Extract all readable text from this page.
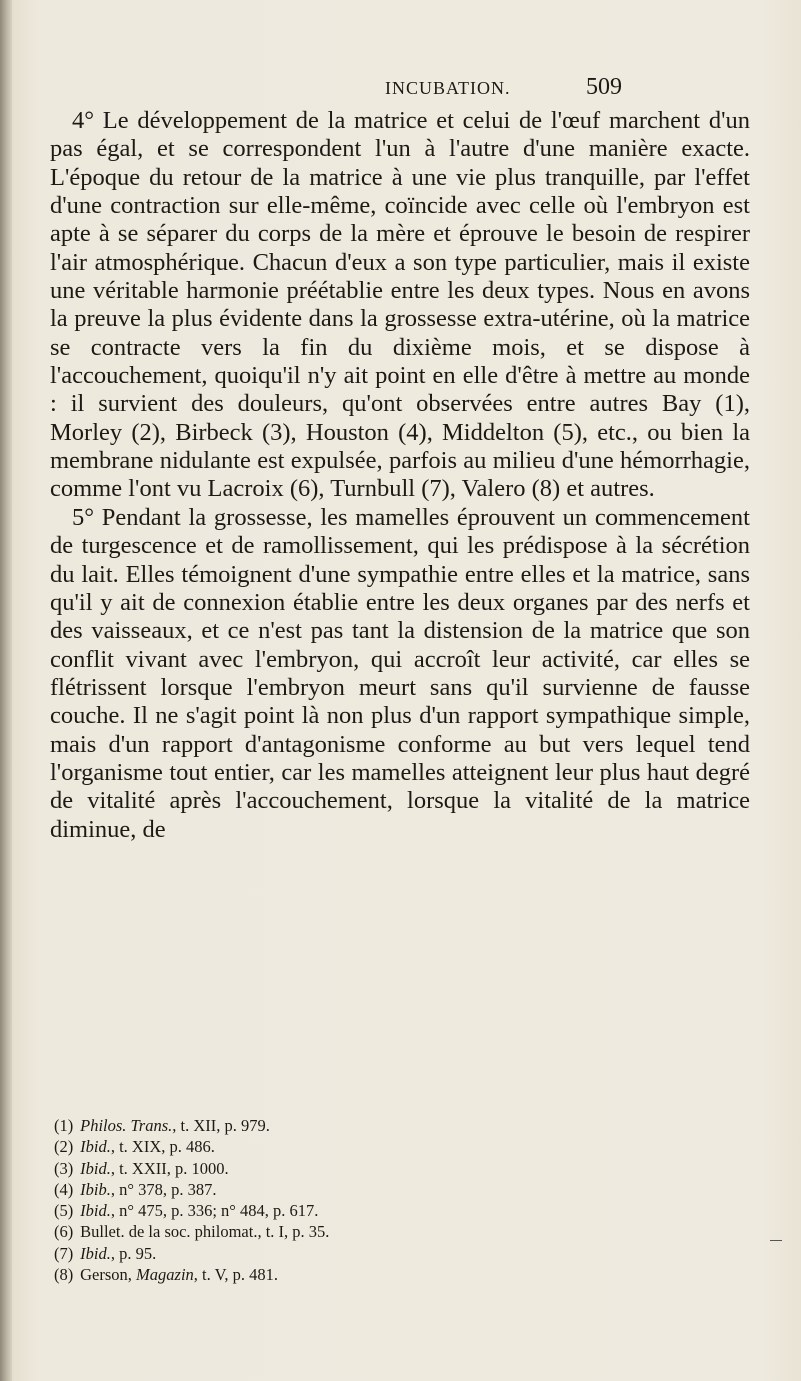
INCUBATION.	509

4° Le développement de la matrice et celui de l'œuf marchent d'un pas égal, et se correspondent l'un à l'autre d'une manière exacte. L'époque du retour de la matrice à une vie plus tranquille, par l'effet d'une contraction sur elle-même, coïncide avec celle où l'embryon est apte à se séparer du corps de la mère et éprouve le besoin de respirer l'air atmosphérique. Chacun d'eux a son type particulier, mais il existe une véritable harmonie préétablie entre les deux types. Nous en avons la preuve la plus évidente dans la grossesse extra-utérine, où la matrice se contracte vers la fin du dixième mois, et se dispose à l'accouchement, quoiqu'il n'y ait point en elle d'être à mettre au monde : il survient des douleurs, qu'ont observées entre autres Bay (1), Morley (2), Birbeck (3), Houston (4), Middelton (5), etc., ou bien la membrane nidulante est expulsée, parfois au milieu d'une hémorrhagie, comme l'ont vu Lacroix (6), Turnbull (7), Valero (8) et autres.

5° Pendant la grossesse, les mamelles éprouvent un commencement de turgescence et de ramollissement, qui les prédispose à la sécrétion du lait. Elles témoignent d'une sympathie entre elles et la matrice, sans qu'il y ait de connexion établie entre les deux organes par des nerfs et des vaisseaux, et ce n'est pas tant la distension de la matrice que son conflit vivant avec l'embryon, qui accroît leur activité, car elles se flétrissent lorsque l'embryon meurt sans qu'il survienne de fausse couche. Il ne s'agit point là non plus d'un rapport sympathique simple, mais d'un rapport d'antagonisme conforme au but vers lequel tend l'organisme tout entier, car les mamelles atteignent leur plus haut degré de vitalité après l'accouchement, lorsque la vitalité de la matrice diminue, de

(1) Philos. Trans., t. XII, p. 979.

(2) Ibid., t. XIX, p. 486.

(3) Ibid., t. XXII, p. 1000.

(4) Ibib., n° 378, p. 387.

(5) Ibid., n° 475, p. 336; n° 484, p. 617.

(6) Bullet. de la soc. philomat., t. I, p. 35.

(7) Ibid., p. 95.

(8) Gerson, Magazin, t. V, p. 481.
